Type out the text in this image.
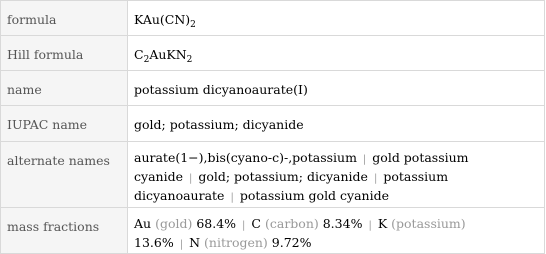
formula	$KAu(CN)_2$

Hill formula	$C_2AuKN_2$

name	potassium dicyanoaurate(I)

IUPAC name	gold; potassium; dicyanide

alternate names	aurate(1−),bis(cyano-c)-,potassium | gold potassium
cyanide | gold; potassium; dicyanide | potassium
dicyanoaurate | potassium gold cyanide

mass fractions	Au (gold) 68.4% | C (carbon) 8.34% | K (potassium)
13.6% | N (nitrogen) 9.72%
